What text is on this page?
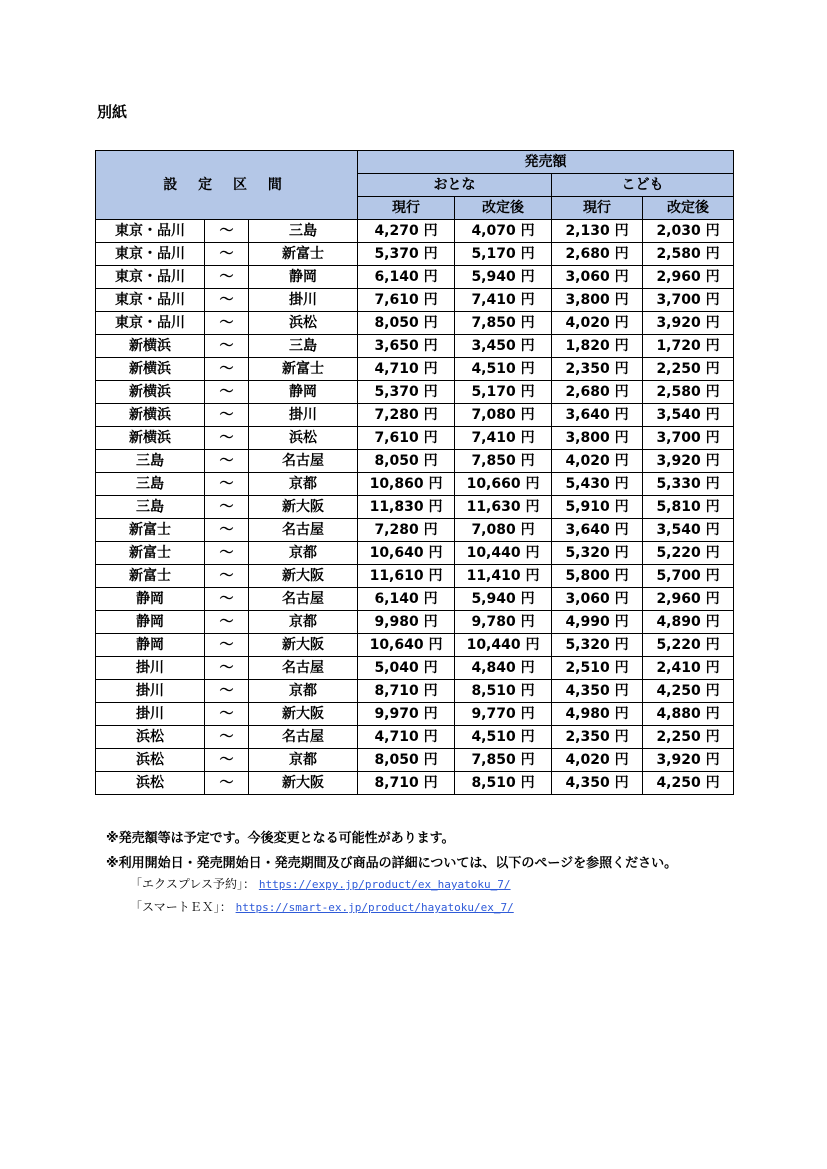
別紙
設 定 区 間			発売額			
			おとな		こども	
			現行	改定後	現行	改定後
東京・品川	～	三島	4,270 円	4,070 円	2,130 円	2,030 円
東京・品川	～	新富士	5,370 円	5,170 円	2,680 円	2,580 円
東京・品川	～	静岡	6,140 円	5,940 円	3,060 円	2,960 円
東京・品川	～	掛川	7,610 円	7,410 円	3,800 円	3,700 円
東京・品川	～	浜松	8,050 円	7,850 円	4,020 円	3,920 円
新横浜	～	三島	3,650 円	3,450 円	1,820 円	1,720 円
新横浜	～	新富士	4,710 円	4,510 円	2,350 円	2,250 円
新横浜	～	静岡	5,370 円	5,170 円	2,680 円	2,580 円
新横浜	～	掛川	7,280 円	7,080 円	3,640 円	3,540 円
新横浜	～	浜松	7,610 円	7,410 円	3,800 円	3,700 円
三島	～	名古屋	8,050 円	7,850 円	4,020 円	3,920 円
三島	～	京都	10,860 円	10,660 円	5,430 円	5,330 円
三島	～	新大阪	11,830 円	11,630 円	5,910 円	5,810 円
新富士	～	名古屋	7,280 円	7,080 円	3,640 円	3,540 円
新富士	～	京都	10,640 円	10,440 円	5,320 円	5,220 円
新富士	～	新大阪	11,610 円	11,410 円	5,800 円	5,700 円
静岡	～	名古屋	6,140 円	5,940 円	3,060 円	2,960 円
静岡	～	京都	9,980 円	9,780 円	4,990 円	4,890 円
静岡	～	新大阪	10,640 円	10,440 円	5,320 円	5,220 円
掛川	～	名古屋	5,040 円	4,840 円	2,510 円	2,410 円
掛川	～	京都	8,710 円	8,510 円	4,350 円	4,250 円
掛川	～	新大阪	9,970 円	9,770 円	4,980 円	4,880 円
浜松	～	名古屋	4,710 円	4,510 円	2,350 円	2,250 円
浜松	～	京都	8,050 円	7,850 円	4,020 円	3,920 円
浜松	～	新大阪	8,710 円	8,510 円	4,350 円	4,250 円
※発売額等は予定です。今後変更となる可能性があります。
※利用開始日・発売開始日・発売期間及び商品の詳細については、以下のページを参照ください。
「エクスプレス予約」： https://expy.jp/product/ex_hayatoku_7/
「スマートＥＸ」： https://smart-ex.jp/product/hayatoku/ex_7/
